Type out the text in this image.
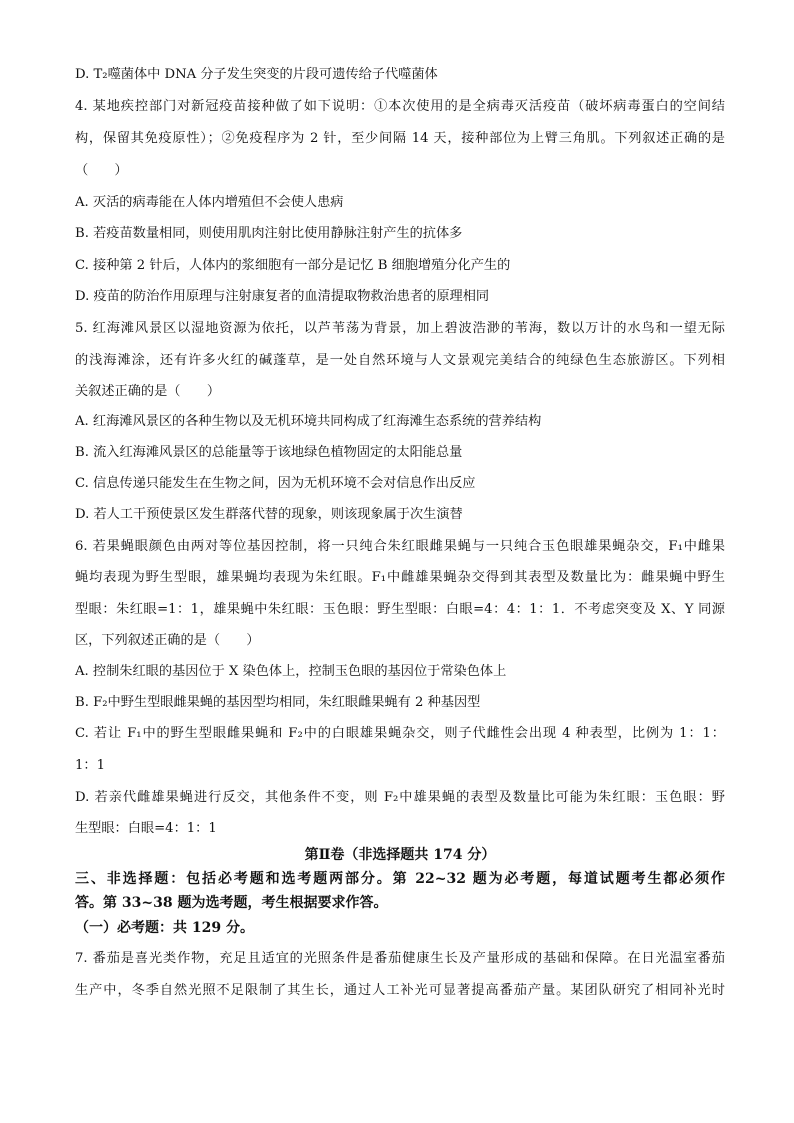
D. T₂噬菌体中 DNA 分子发生突变的片段可遗传给子代噬菌体
4. 某地疾控部门对新冠疫苗接种做了如下说明：①本次使用的是全病毒灭活疫苗（破坏病毒蛋白的空间结
构，保留其免疫原性）；②免疫程序为 2 针，至少间隔 14 天，接种部位为上臂三角肌。下列叙述正确的是
（　　）
A. 灭活的病毒能在人体内增殖但不会使人患病
B. 若疫苗数量相同，则使用肌肉注射比使用静脉注射产生的抗体多
C. 接种第 2 针后，人体内的浆细胞有一部分是记忆 B 细胞增殖分化产生的
D. 疫苗的防治作用原理与注射康复者的血清提取物救治患者的原理相同
5. 红海滩风景区以湿地资源为依托，以芦苇荡为背景，加上碧波浩渺的苇海，数以万计的水鸟和一望无际
的浅海滩涂，还有许多火红的碱蓬草，是一处自然环境与人文景观完美结合的纯绿色生态旅游区。下列相
关叙述正确的是（　　）
A. 红海滩风景区的各种生物以及无机环境共同构成了红海滩生态系统的营养结构
B. 流入红海滩风景区的总能量等于该地绿色植物固定的太阳能总量
C. 信息传递只能发生在生物之间，因为无机环境不会对信息作出反应
D. 若人工干预使景区发生群落代替的现象，则该现象属于次生演替
6. 若果蝇眼颜色由两对等位基因控制，将一只纯合朱红眼雌果蝇与一只纯合玉色眼雄果蝇杂交，F₁中雌果
蝇均表现为野生型眼，雄果蝇均表现为朱红眼。F₁中雌雄果蝇杂交得到其表型及数量比为：雌果蝇中野生
型眼：朱红眼=1：1，雄果蝇中朱红眼：玉色眼：野生型眼：白眼=4：4：1：1．不考虑突变及 X、Y 同源
区，下列叙述正确的是（　　）
A. 控制朱红眼的基因位于 X 染色体上，控制玉色眼的基因位于常染色体上
B. F₂中野生型眼雌果蝇的基因型均相同，朱红眼雌果蝇有 2 种基因型
C. 若让 F₁中的野生型眼雌果蝇和 F₂中的白眼雄果蝇杂交，则子代雌性会出现 4 种表型，比例为 1：1：
1：1
D. 若亲代雌雄果蝇进行反交，其他条件不变，则 F₂中雄果蝇的表型及数量比可能为朱红眼：玉色眼：野
生型眼：白眼=4：1：1
第Ⅱ卷（非选择题共 174 分）
三、非选择题：包括必考题和选考题两部分。第 22~32 题为必考题，每道试题考生都必须作
答。第 33~38 题为选考题，考生根据要求作答。
（一）必考题：共 129 分。
7. 番茄是喜光类作物，充足且适宜的光照条件是番茄健康生长及产量形成的基础和保障。在日光温室番茄
生产中，冬季自然光照不足限制了其生长，通过人工补光可显著提高番茄产量。某团队研究了相同补光时
